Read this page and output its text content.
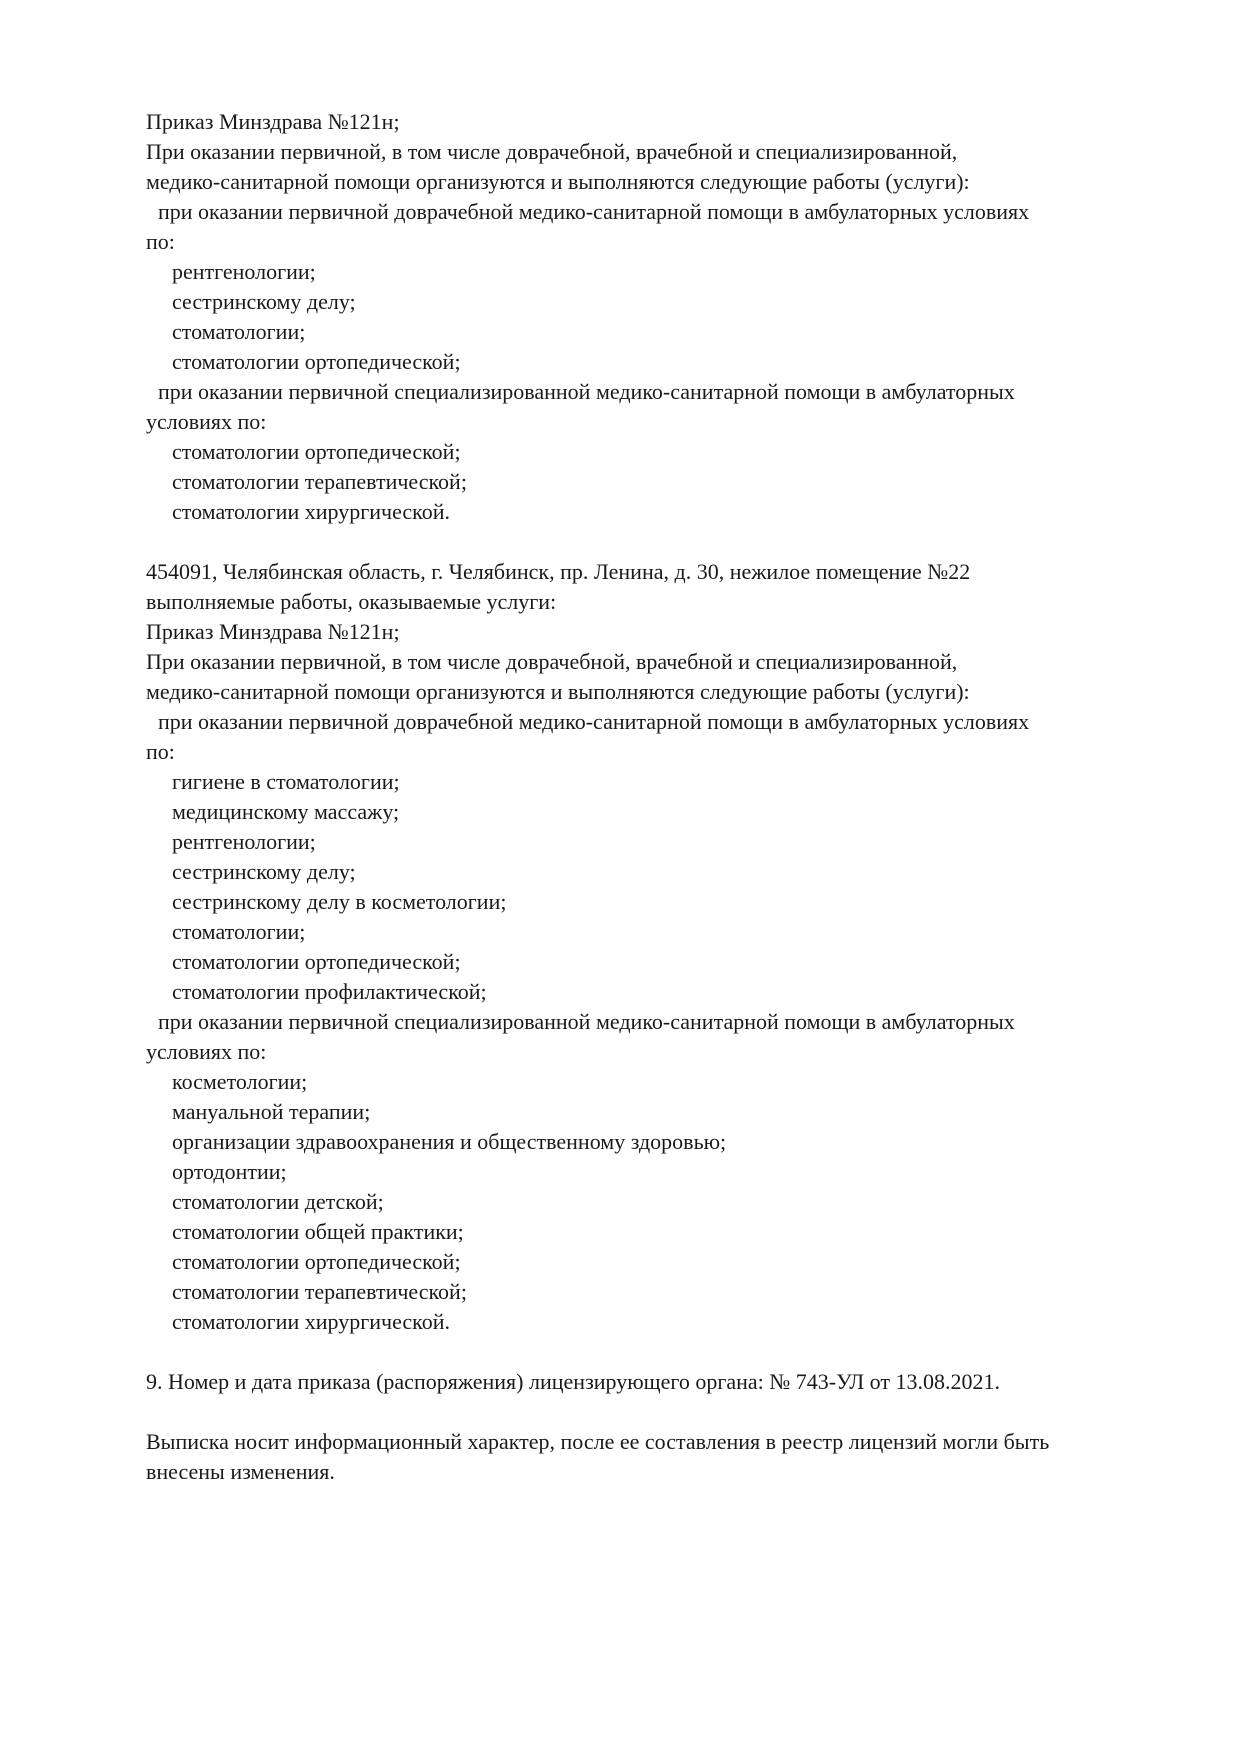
Приказ Минздрава №121н;
При оказании первичной, в том числе доврачебной, врачебной и специализированной,
медико-санитарной помощи организуются и выполняются следующие работы (услуги):
при оказании первичной доврачебной медико-санитарной помощи в амбулаторных условиях
по:
рентгенологии;
сестринскому делу;
стоматологии;
стоматологии ортопедической;
при оказании первичной специализированной медико-санитарной помощи в амбулаторных
условиях по:
стоматологии ортопедической;
стоматологии терапевтической;
стоматологии хирургической.
454091, Челябинская область, г. Челябинск, пр. Ленина, д. 30, нежилое помещение №22
выполняемые работы, оказываемые услуги:
Приказ Минздрава №121н;
При оказании первичной, в том числе доврачебной, врачебной и специализированной,
медико-санитарной помощи организуются и выполняются следующие работы (услуги):
при оказании первичной доврачебной медико-санитарной помощи в амбулаторных условиях
по:
гигиене в стоматологии;
медицинскому массажу;
рентгенологии;
сестринскому делу;
сестринскому делу в косметологии;
стоматологии;
стоматологии ортопедической;
стоматологии профилактической;
при оказании первичной специализированной медико-санитарной помощи в амбулаторных
условиях по:
косметологии;
мануальной терапии;
организации здравоохранения и общественному здоровью;
ортодонтии;
стоматологии детской;
стоматологии общей практики;
стоматологии ортопедической;
стоматологии терапевтической;
стоматологии хирургической.
9. Номер и дата приказа (распоряжения) лицензирующего органа: № 743-УЛ от 13.08.2021.
Выписка носит информационный характер, после ее составления в реестр лицензий могли быть
внесены изменения.
